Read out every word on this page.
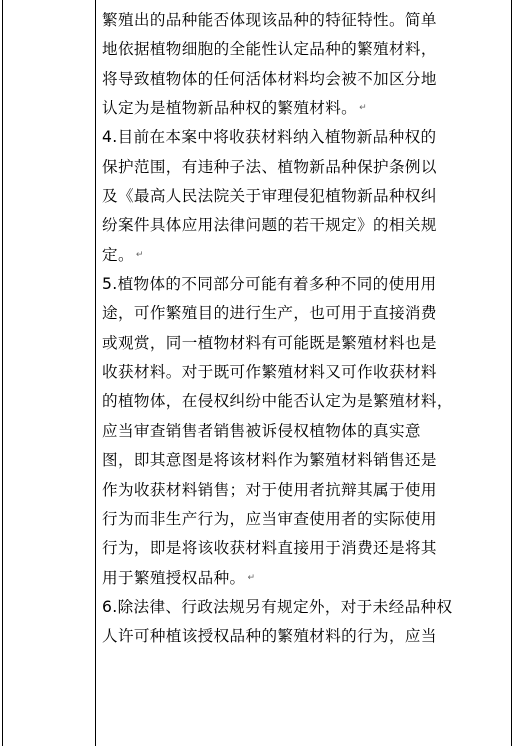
繁殖出的品种能否体现该品种的特征特性。简单
地依据植物细胞的全能性认定品种的繁殖材料，
将导致植物体的任何活体材料均会被不加区分地
认定为是植物新品种权的繁殖材料。 ↵
4.目前在本案中将收获材料纳入植物新品种权的
保护范围，有违种子法、植物新品种保护条例以
及《最高人民法院关于审理侵犯植物新品种权纠
纷案件具体应用法律问题的若干规定》的相关规
定。 ↵
5.植物体的不同部分可能有着多种不同的使用用
途，可作繁殖目的进行生产，也可用于直接消费
或观赏，同一植物材料有可能既是繁殖材料也是
收获材料。对于既可作繁殖材料又可作收获材料
的植物体，在侵权纠纷中能否认定为是繁殖材料，
应当审查销售者销售被诉侵权植物体的真实意
图，即其意图是将该材料作为繁殖材料销售还是
作为收获材料销售；对于使用者抗辩其属于使用
行为而非生产行为，应当审查使用者的实际使用
行为，即是将该收获材料直接用于消费还是将其
用于繁殖授权品种。 ↵
6.除法律、行政法规另有规定外，对于未经品种权
人许可种植该授权品种的繁殖材料的行为，应当
